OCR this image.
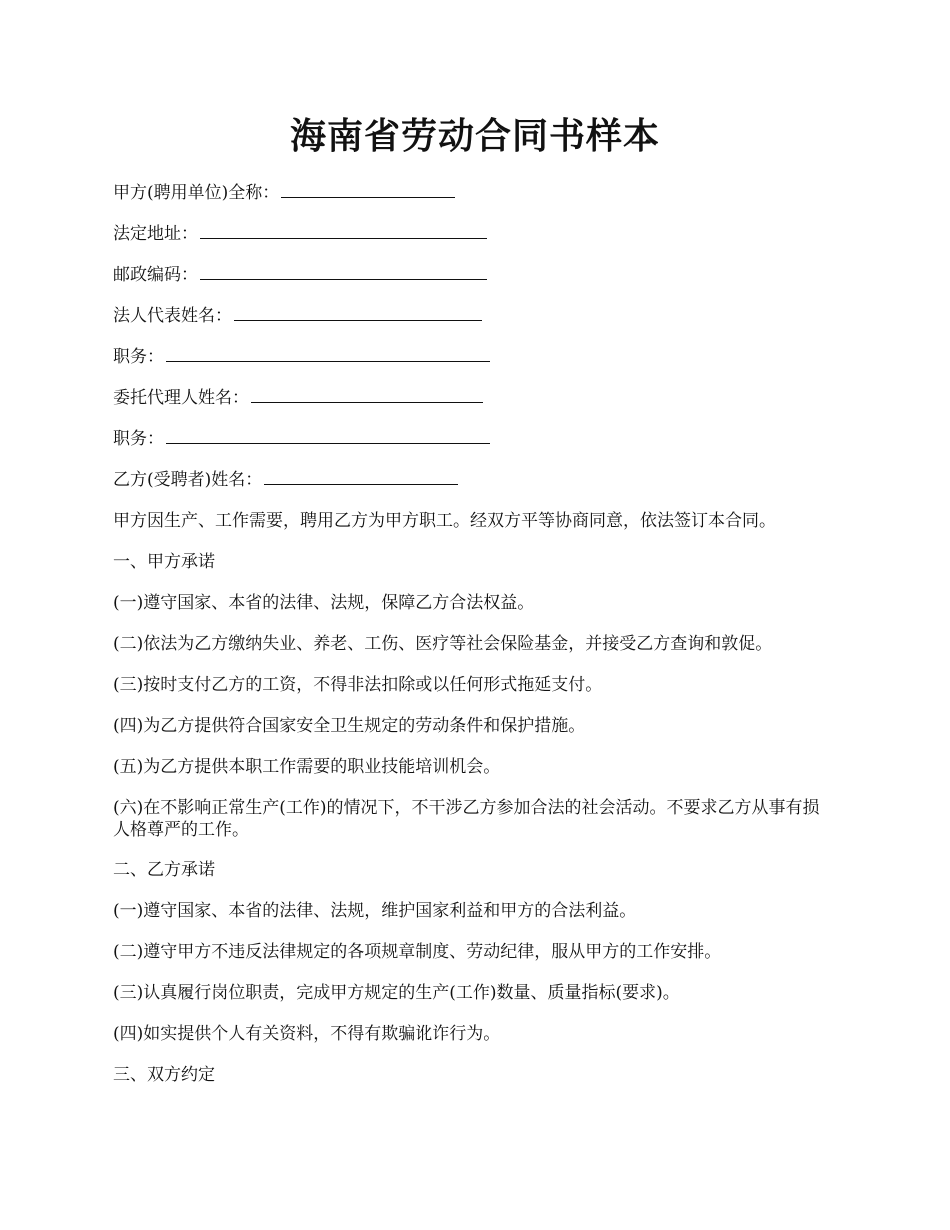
海南省劳动合同书样本

甲方(聘用单位)全称：

法定地址：

邮政编码：

法人代表姓名：

职务：

委托代理人姓名：

职务：

乙方(受聘者)姓名：

甲方因生产、工作需要，聘用乙方为甲方职工。经双方平等协商同意，依法签订本合同。

一、甲方承诺

(一)遵守国家、本省的法律、法规，保障乙方合法权益。

(二)依法为乙方缴纳失业、养老、工伤、医疗等社会保险基金，并接受乙方查询和敦促。

(三)按时支付乙方的工资，不得非法扣除或以任何形式拖延支付。

(四)为乙方提供符合国家安全卫生规定的劳动条件和保护措施。

(五)为乙方提供本职工作需要的职业技能培训机会。

(六)在不影响正常生产(工作)的情况下，不干涉乙方参加合法的社会活动。不要求乙方从事有损人格尊严的工作。

二、乙方承诺

(一)遵守国家、本省的法律、法规，维护国家利益和甲方的合法利益。

(二)遵守甲方不违反法律规定的各项规章制度、劳动纪律，服从甲方的工作安排。

(三)认真履行岗位职责，完成甲方规定的生产(工作)数量、质量指标(要求)。

(四)如实提供个人有关资料，不得有欺骗讹诈行为。

三、双方约定
